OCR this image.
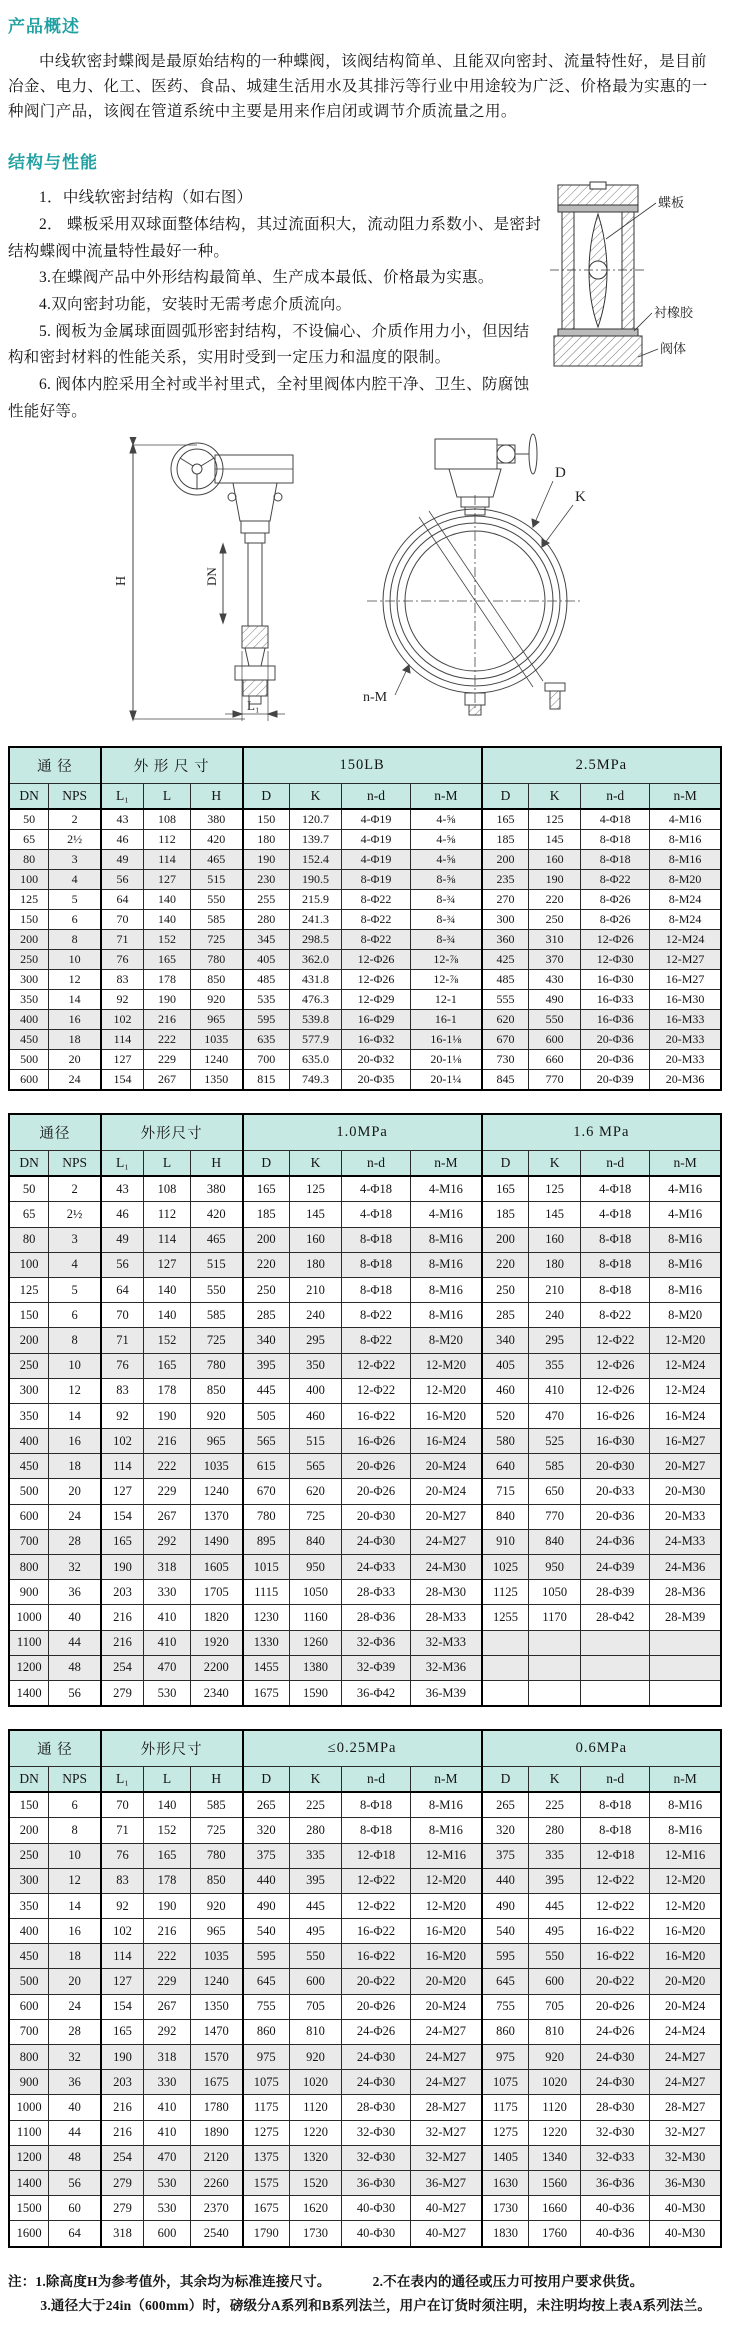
产品概述

中线软密封蝶阀是最原始结构的一种蝶阀，该阀结构简单、且能双向密封、流量特性好，是目前冶金、电力、化工、医药、食品、城建生活用水及其排污等行业中用途较为广泛、价格最为实惠的一种阀门产品，该阀在管道系统中主要是用来作启闭或调节介质流量之用。

结构与性能
蝶板
衬橡胶
阀体

1．中线软密封结构（如右图）

2． 蝶板采用双球面整体结构，其过流面积大，流动阻力系数小、是密封结构蝶阀中流量特性最好一种。

3.在蝶阀产品中外形结构最简单、生产成本最低、价格最为实惠。

4.双向密封功能，安装时无需考虑介质流向。

5. 阀板为金属球面圆弧形密封结构，不设偏心、介质作用力小，但因结构和密封材料的性能关系，实用时受到一定压力和温度的限制。

6. 阀体内腔采用全衬或半衬里式，全衬里阀体内腔干净、卫生、防腐蚀性能好等。

H	DN
L₁
D
K
n-M
通 径		外 形 尺 寸			150LB				2.5MPa			
DN	NPS	L₁	L	H	D	K	n-d	n-M	D	K	n-d	n-M
50	2	43	108	380	150	120.7	4-Φ19	4-⅝	165	125	4-Φ18	4-M16
65	2½	46	112	420	180	139.7	4-Φ19	4-⅝	185	145	8-Φ18	8-M16
80	3	49	114	465	190	152.4	4-Φ19	4-⅝	200	160	8-Φ18	8-M16
100	4	56	127	515	230	190.5	8-Φ19	8-⅝	235	190	8-Φ22	8-M20
125	5	64	140	550	255	215.9	8-Φ22	8-¾	270	220	8-Φ26	8-M24
150	6	70	140	585	280	241.3	8-Φ22	8-¾	300	250	8-Φ26	8-M24
200	8	71	152	725	345	298.5	8-Φ22	8-¾	360	310	12-Φ26	12-M24
250	10	76	165	780	405	362.0	12-Φ26	12-⅞	425	370	12-Φ30	12-M27
300	12	83	178	850	485	431.8	12-Φ26	12-⅞	485	430	16-Φ30	16-M27
350	14	92	190	920	535	476.3	12-Φ29	12-1	555	490	16-Φ33	16-M30
400	16	102	216	965	595	539.8	16-Φ29	16-1	620	550	16-Φ36	16-M33
450	18	114	222	1035	635	577.9	16-Φ32	16-1⅛	670	600	20-Φ36	20-M33
500	20	127	229	1240	700	635.0	20-Φ32	20-1⅛	730	660	20-Φ36	20-M33
600	24	154	267	1350	815	749.3	20-Φ35	20-1¼	845	770	20-Φ39	20-M36
通径		外形尺寸			1.0MPa				1.6 MPa			
DN	NPS	L₁	L	H	D	K	n-d	n-M	D	K	n-d	n-M
50	2	43	108	380	165	125	4-Φ18	4-M16	165	125	4-Φ18	4-M16
65	2½	46	112	420	185	145	4-Φ18	4-M16	185	145	4-Φ18	4-M16
80	3	49	114	465	200	160	8-Φ18	8-M16	200	160	8-Φ18	8-M16
100	4	56	127	515	220	180	8-Φ18	8-M16	220	180	8-Φ18	8-M16
125	5	64	140	550	250	210	8-Φ18	8-M16	250	210	8-Φ18	8-M16
150	6	70	140	585	285	240	8-Φ22	8-M16	285	240	8-Φ22	8-M20
200	8	71	152	725	340	295	8-Φ22	8-M20	340	295	12-Φ22	12-M20
250	10	76	165	780	395	350	12-Φ22	12-M20	405	355	12-Φ26	12-M24
300	12	83	178	850	445	400	12-Φ22	12-M20	460	410	12-Φ26	12-M24
350	14	92	190	920	505	460	16-Φ22	16-M20	520	470	16-Φ26	16-M24
400	16	102	216	965	565	515	16-Φ26	16-M24	580	525	16-Φ30	16-M27
450	18	114	222	1035	615	565	20-Φ26	20-M24	640	585	20-Φ30	20-M27
500	20	127	229	1240	670	620	20-Φ26	20-M24	715	650	20-Φ33	20-M30
600	24	154	267	1370	780	725	20-Φ30	20-M27	840	770	20-Φ36	20-M33
700	28	165	292	1490	895	840	24-Φ30	24-M27	910	840	24-Φ36	24-M33
800	32	190	318	1605	1015	950	24-Φ33	24-M30	1025	950	24-Φ39	24-M36
900	36	203	330	1705	1115	1050	28-Φ33	28-M30	1125	1050	28-Φ39	28-M36
1000	40	216	410	1820	1230	1160	28-Φ36	28-M33	1255	1170	28-Φ42	28-M39
1100	44	216	410	1920	1330	1260	32-Φ36	32-M33				
1200	48	254	470	2200	1455	1380	32-Φ39	32-M36				
1400	56	279	530	2340	1675	1590	36-Φ42	36-M39				
通 径		外形尺寸			≤0.25MPa				0.6MPa			
DN	NPS	L₁	L	H	D	K	n-d	n-M	D	K	n-d	n-M
150	6	70	140	585	265	225	8-Φ18	8-M16	265	225	8-Φ18	8-M16
200	8	71	152	725	320	280	8-Φ18	8-M16	320	280	8-Φ18	8-M16
250	10	76	165	780	375	335	12-Φ18	12-M16	375	335	12-Φ18	12-M16
300	12	83	178	850	440	395	12-Φ22	12-M20	440	395	12-Φ22	12-M20
350	14	92	190	920	490	445	12-Φ22	12-M20	490	445	12-Φ22	12-M20
400	16	102	216	965	540	495	16-Φ22	16-M20	540	495	16-Φ22	16-M20
450	18	114	222	1035	595	550	16-Φ22	16-M20	595	550	16-Φ22	16-M20
500	20	127	229	1240	645	600	20-Φ22	20-M20	645	600	20-Φ22	20-M20
600	24	154	267	1350	755	705	20-Φ26	20-M24	755	705	20-Φ26	20-M24
700	28	165	292	1470	860	810	24-Φ26	24-M27	860	810	24-Φ26	24-M24
800	32	190	318	1570	975	920	24-Φ30	24-M27	975	920	24-Φ30	24-M27
900	36	203	330	1675	1075	1020	24-Φ30	24-M27	1075	1020	24-Φ30	24-M27
1000	40	216	410	1780	1175	1120	28-Φ30	28-M27	1175	1120	28-Φ30	28-M27
1100	44	216	410	1890	1275	1220	32-Φ30	32-M27	1275	1220	32-Φ30	32-M27
1200	48	254	470	2120	1375	1320	32-Φ30	32-M27	1405	1340	32-Φ33	32-M30
1400	56	279	530	2260	1575	1520	36-Φ30	36-M27	1630	1560	36-Φ36	36-M30
1500	60	279	530	2370	1675	1620	40-Φ30	40-M27	1730	1660	40-Φ36	40-M30
1600	64	318	600	2540	1790	1730	40-Φ30	40-M27	1830	1760	40-Φ36	40-M30

注：1.除高度H为参考值外，其余均为标准连接尺寸。	2.不在表内的通径或压力可按用户要求供货。

3.通径大于24in（600mm）时，磅级分A系列和B系列法兰，用户在订货时须注明，未注明均按上表A系列法兰。
